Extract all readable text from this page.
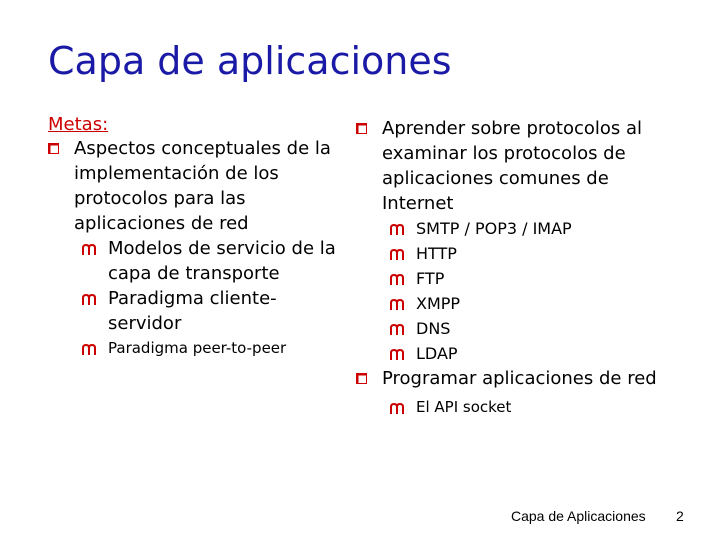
Capa de aplicaciones
Metas:
Aspectos conceptuales de la implementación de los protocolos para las aplicaciones de red
Modelos de servicio de la capa de transporte
Paradigma cliente-servidor
Paradigma peer-to-peer
Aprender sobre protocolos al examinar los protocolos de aplicaciones comunes de Internet
SMTP / POP3 / IMAP
HTTP
FTP
XMPP
DNS
LDAP
Programar aplicaciones de red
El API socket
Capa de Aplicaciones 2
